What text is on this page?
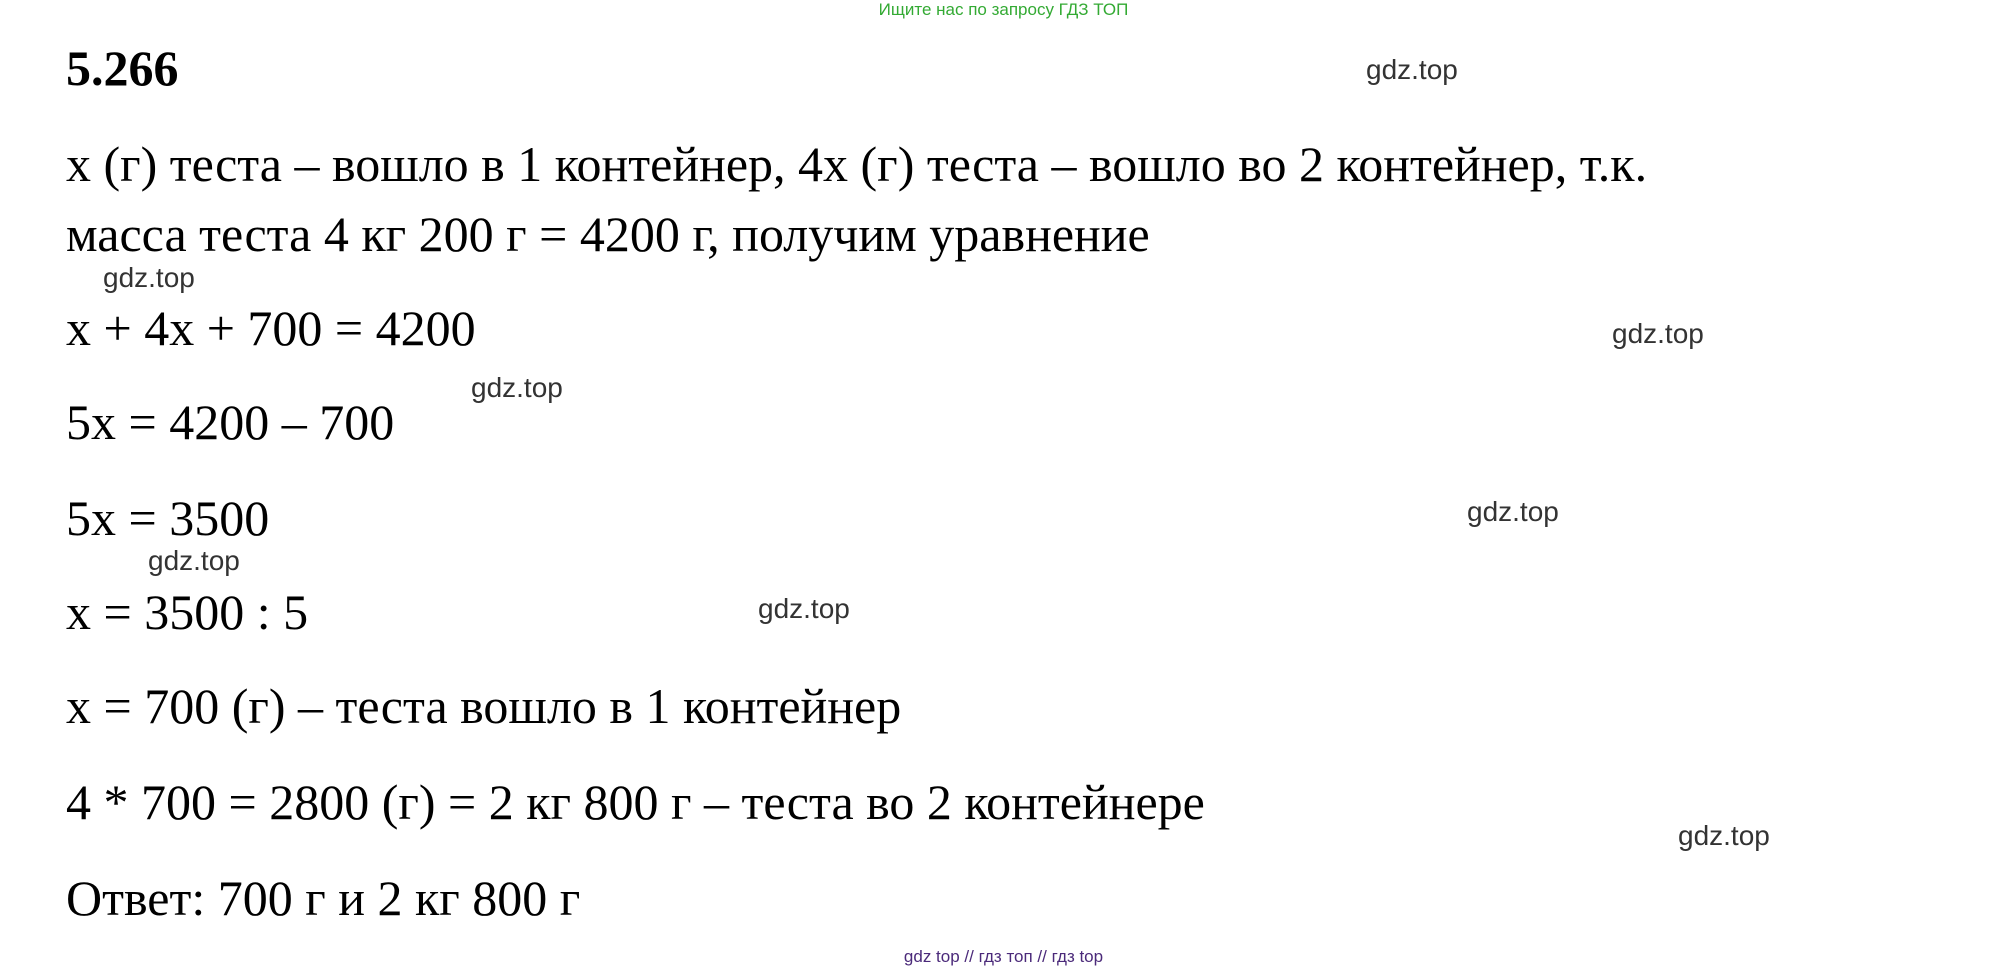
Ищите нас по запросу ГДЗ ТОП
5.266	gdz.top
х (г) теста – вошло в 1 контейнер, 4х (г) теста – вошло во 2 контейнер, т.к.
масса теста 4 кг 200 г = 4200 г, получим уравнение
gdz.top
х + 4х + 700 = 4200	gdz.top
gdz.top
5х = 4200 – 700
5х = 3500	gdz.top
gdz.top
х = 3500 : 5	gdz.top
х = 700 (г) – теста вошло в 1 контейнер
4 * 700 = 2800 (г) = 2 кг 800 г – теста во 2 контейнере
gdz.top
Ответ: 700 г и 2 кг 800 г
gdz top // гдз топ // гдз top
